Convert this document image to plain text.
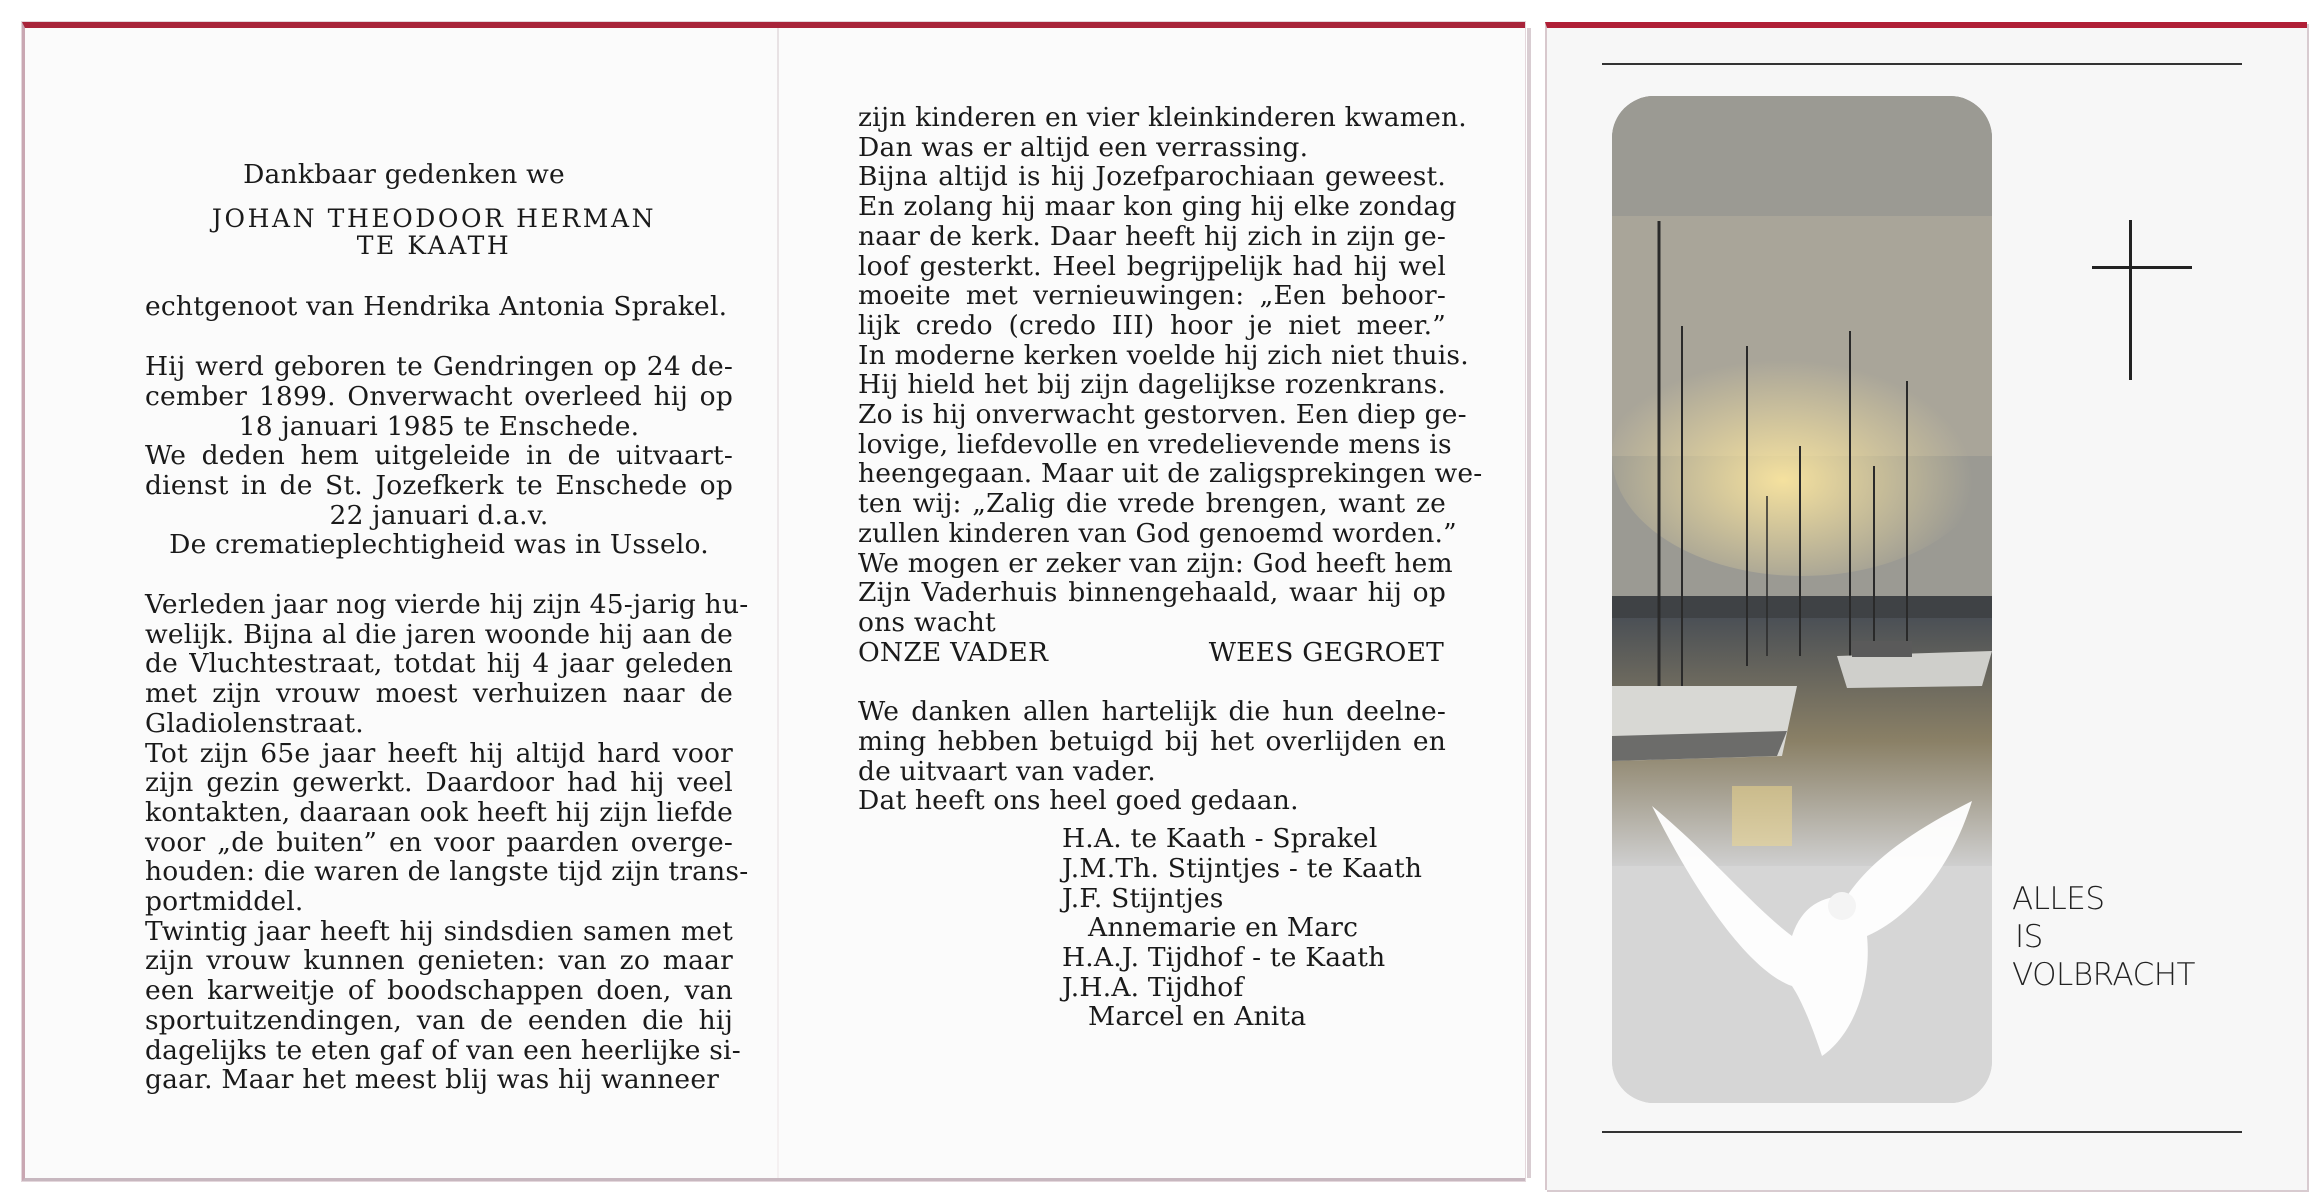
Dankbaar gedenken we
JOHAN THEODOOR HERMAN
TE KAATH
echtgenoot van Hendrika Antonia Sprakel.
Hij werd geboren te Gendringen op 24 de-
cember 1899. Onverwacht overleed hij op
18 januari 1985 te Enschede.
We deden hem uitgeleide in de uitvaart-
dienst in de St. Jozefkerk te Enschede op
22 januari d.a.v.
De crematieplechtigheid was in Usselo.
Verleden jaar nog vierde hij zijn 45-jarig hu-
welijk. Bijna al die jaren woonde hij aan de
de Vluchtestraat, totdat hij 4 jaar geleden
met zijn vrouw moest verhuizen naar de
Gladiolenstraat.
Tot zijn 65e jaar heeft hij altijd hard voor
zijn gezin gewerkt. Daardoor had hij veel
kontakten, daaraan ook heeft hij zijn liefde
voor „de buiten” en voor paarden overge-
houden: die waren de langste tijd zijn trans-
portmiddel.
Twintig jaar heeft hij sindsdien samen met
zijn vrouw kunnen genieten: van zo maar
een karweitje of boodschappen doen, van
sportuitzendingen, van de eenden die hij
dagelijks te eten gaf of van een heerlijke si-
gaar. Maar het meest blij was hij wanneer
zijn kinderen en vier kleinkinderen kwamen.
Dan was er altijd een verrassing.
Bijna altijd is hij Jozefparochiaan geweest.
En zolang hij maar kon ging hij elke zondag
naar de kerk. Daar heeft hij zich in zijn ge-
loof gesterkt. Heel begrijpelijk had hij wel
moeite met vernieuwingen: „Een behoor-
lijk credo (credo III) hoor je niet meer.”
In moderne kerken voelde hij zich niet thuis.
Hij hield het bij zijn dagelijkse rozenkrans.
Zo is hij onverwacht gestorven. Een diep ge-
lovige, liefdevolle en vredelievende mens is
heengegaan. Maar uit de zaligsprekingen we-
ten wij: „Zalig die vrede brengen, want ze
zullen kinderen van God genoemd worden.”
We mogen er zeker van zijn: God heeft hem
Zijn Vaderhuis binnengehaald, waar hij op
ons wacht
ONZE VADER	WEES GEGROET
We danken allen hartelijk die hun deelne-
ming hebben betuigd bij het overlijden en
de uitvaart van vader.
Dat heeft ons heel goed gedaan.
H.A. te Kaath - Sprakel
J.M.Th. Stijntjes - te Kaath
J.F. Stijntjes
Annemarie en Marc
H.A.J. Tijdhof - te Kaath
J.H.A. Tijdhof
Marcel en Anita
ALLES
IS
VOLBRACHT
